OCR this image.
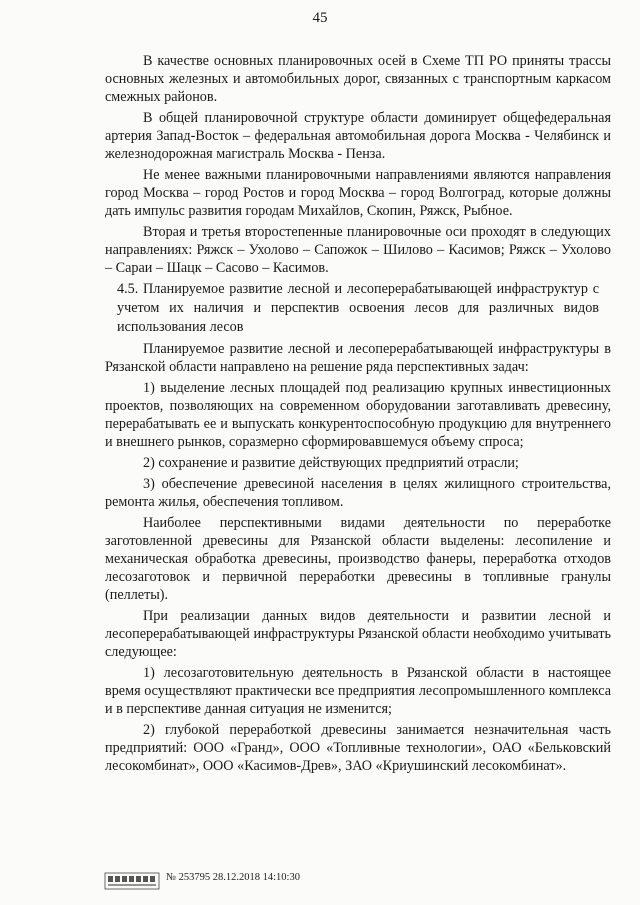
45

В качестве основных планировочных осей в Схеме ТП РО приняты трассы основных железных и автомобильных дорог, связанных с транспортным каркасом смежных районов.

В общей планировочной структуре области доминирует общефедеральная артерия Запад-Восток – федеральная автомобильная дорога Москва - Челябинск и железнодорожная магистраль Москва - Пенза.

Не менее важными планировочными направлениями являются направления город Москва – город Ростов и город Москва – город Волгоград, которые должны дать импульс развития городам Михайлов, Скопин, Ряжск, Рыбное.

Вторая и третья второстепенные планировочные оси проходят в следующих направлениях: Ряжск – Ухолово – Сапожок – Шилово – Касимов; Ряжск – Ухолово – Сараи – Шацк – Сасово – Касимов.

4.5. Планируемое развитие лесной и лесоперерабатывающей инфраструктур с учетом их наличия и перспектив освоения лесов для различных видов использования лесов

Планируемое развитие лесной и лесоперерабатывающей инфраструктуры в Рязанской области направлено на решение ряда перспективных задач:

1) выделение лесных площадей под реализацию крупных инвестиционных проектов, позволяющих на современном оборудовании заготавливать древесину, перерабатывать ее и выпускать конкурентоспособную продукцию для внутреннего и внешнего рынков, соразмерно сформировавшемуся объему спроса;

2) сохранение и развитие действующих предприятий отрасли;

3) обеспечение древесиной населения в целях жилищного строительства, ремонта жилья, обеспечения топливом.

Наиболее перспективными видами деятельности по переработке заготовленной древесины для Рязанской области выделены: лесопиление и механическая обработка древесины, производство фанеры, переработка отходов лесозаготовок и первичной переработки древесины в топливные гранулы (пеллеты).

При реализации данных видов деятельности и развитии лесной и лесоперерабатывающей инфраструктуры Рязанской области необходимо учитывать следующее:

1) лесозаготовительную деятельность в Рязанской области в настоящее время осуществляют практически все предприятия лесопромышленного комплекса и в перспективе данная ситуация не изменится;

2) глубокой переработкой древесины занимается незначительная часть предприятий: ООО «Гранд», ООО «Топливные технологии», ОАО «Бельковский лесокомбинат», ООО «Касимов-Древ», ЗАО «Криушинский лесокомбинат».

№ 253795 28.12.2018 14:10:30
